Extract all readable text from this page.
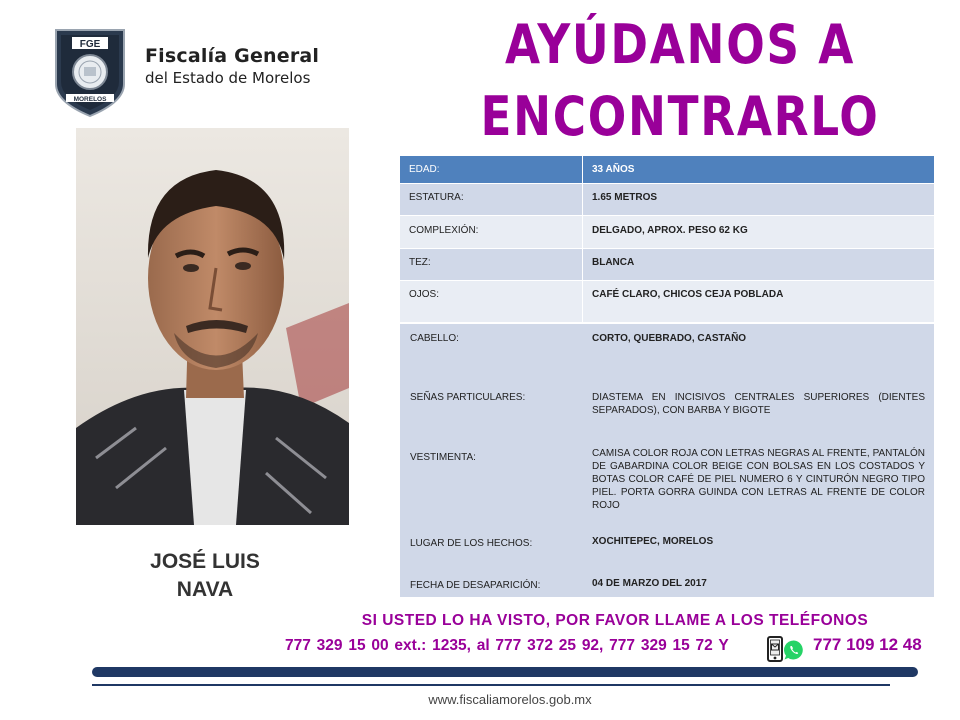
FGE
MORELOS
Fiscalía General
del Estado de Morelos
AYÚDANOS A
ENCONTRARLO
JOSÉ LUIS
NAVA
EDAD:	33 AÑOS
ESTATURA:	1.65 METROS
COMPLEXIÓN:	DELGADO, APROX. PESO 62 KG
TEZ:	BLANCA
OJOS:	CAFÉ CLARO, CHICOS CEJA POBLADA
CABELLO:	CORTO, QUEBRADO, CASTAÑO
SEÑAS PARTICULARES:	DIASTEMA EN INCISIVOS CENTRALES SUPERIORES (DIENTES SEPARADOS), CON BARBA Y BIGOTE
VESTIMENTA:	CAMISA COLOR ROJA CON LETRAS NEGRAS AL FRENTE, PANTALÓN DE GABARDINA COLOR BEIGE CON BOLSAS EN LOS COSTADOS Y BOTAS COLOR CAFÉ DE PIEL NUMERO 6 Y CINTURÓN NEGRO TIPO PIEL. PORTA GORRA GUINDA CON LETRAS AL FRENTE DE COLOR ROJO
LUGAR DE LOS HECHOS:	XOCHITEPEC, MORELOS
FECHA DE DESAPARICIÓN:	04 DE MARZO DEL 2017
SI USTED LO HA VISTO, POR FAVOR LLAME A LOS TELÉFONOS
777 329 15 00 ext.: 1235, al 777 372 25 92, 777 329 15 72 Y	777 109 12 48
www.fiscaliamorelos.gob.mx
